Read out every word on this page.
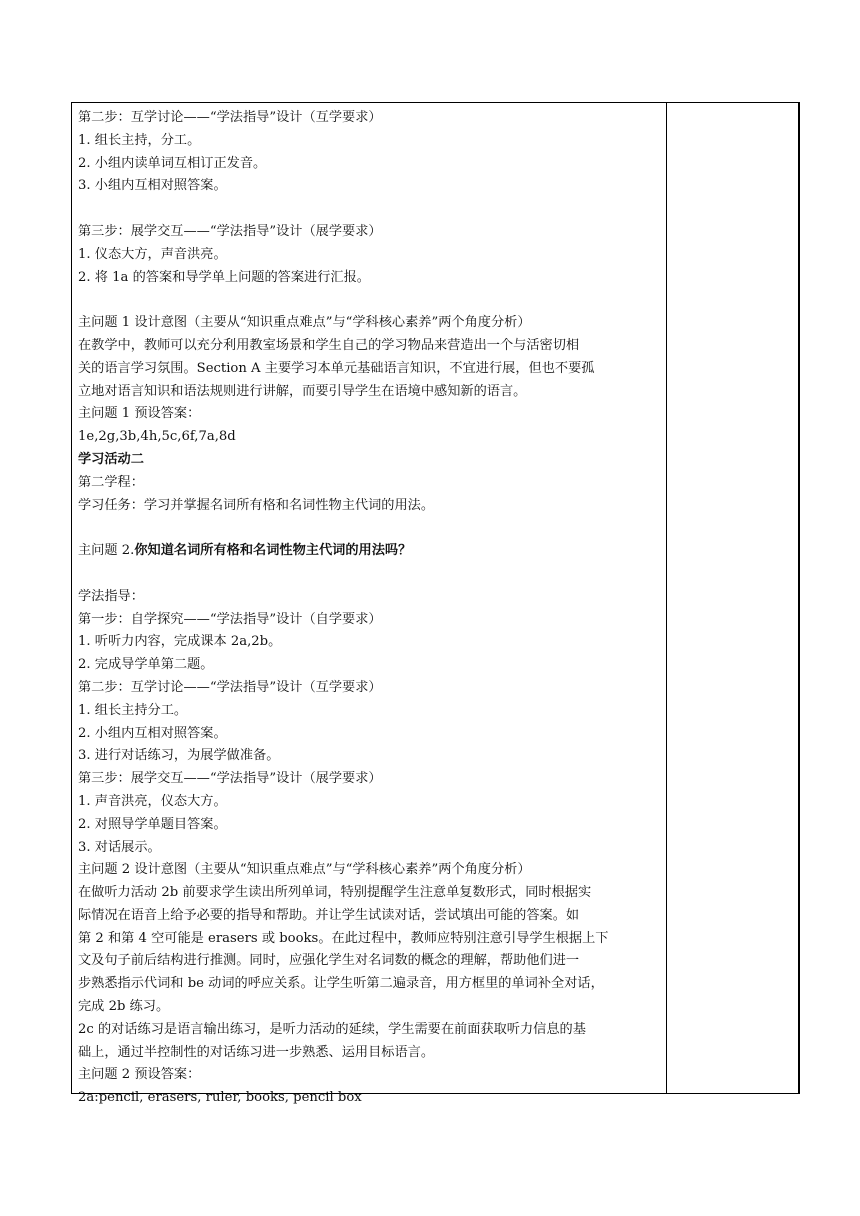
第二步：互学讨论——“学法指导”设计（互学要求）
1. 组长主持，分工。
2. 小组内读单词互相订正发音。
3. 小组内互相对照答案。
第三步：展学交互——“学法指导”设计（展学要求）
1. 仪态大方，声音洪亮。
2. 将 1a 的答案和导学单上问题的答案进行汇报。
主问题 1 设计意图（主要从“知识重点难点”与“学科核心素养”两个角度分析）
在教学中，教师可以充分利用教室场景和学生自己的学习物品来营造出一个与活密切相
关的语言学习氛围。Section A 主要学习本单元基础语言知识，不宜进行展，但也不要孤
立地对语言知识和语法规则进行讲解，而要引导学生在语境中感知新的语言。
主问题 1 预设答案：
1e,2g,3b,4h,5c,6f,7a,8d
学习活动二
第二学程：
学习任务：学习并掌握名词所有格和名词性物主代词的用法。
主问题 2.你知道名词所有格和名词性物主代词的用法吗？
学法指导：
第一步：自学探究——“学法指导”设计（自学要求）
1. 听听力内容，完成课本 2a,2b。
2. 完成导学单第二题。
第二步：互学讨论——“学法指导”设计（互学要求）
1. 组长主持分工。
2. 小组内互相对照答案。
3. 进行对话练习，为展学做准备。
第三步：展学交互——“学法指导”设计（展学要求）
1. 声音洪亮，仪态大方。
2. 对照导学单题目答案。
3. 对话展示。
主问题 2 设计意图（主要从“知识重点难点”与“学科核心素养”两个角度分析）
在做听力活动 2b 前要求学生读出所列单词，特别提醒学生注意单复数形式，同时根据实
际情况在语音上给予必要的指导和帮助。并让学生试读对话，尝试填出可能的答案。如
第 2 和第 4 空可能是 erasers 或 books。在此过程中，教师应特别注意引导学生根据上下
文及句子前后结构进行推测。同时，应强化学生对名词数的概念的理解，帮助他们进一
步熟悉指示代词和 be 动词的呼应关系。让学生听第二遍录音，用方框里的单词补全对话，
完成 2b 练习。
2c 的对话练习是语言输出练习，是听力活动的延续，学生需要在前面获取听力信息的基
础上，通过半控制性的对话练习进一步熟悉、运用目标语言。
主问题 2 预设答案：
2a:pencil, erasers, ruler, books, pencil box
